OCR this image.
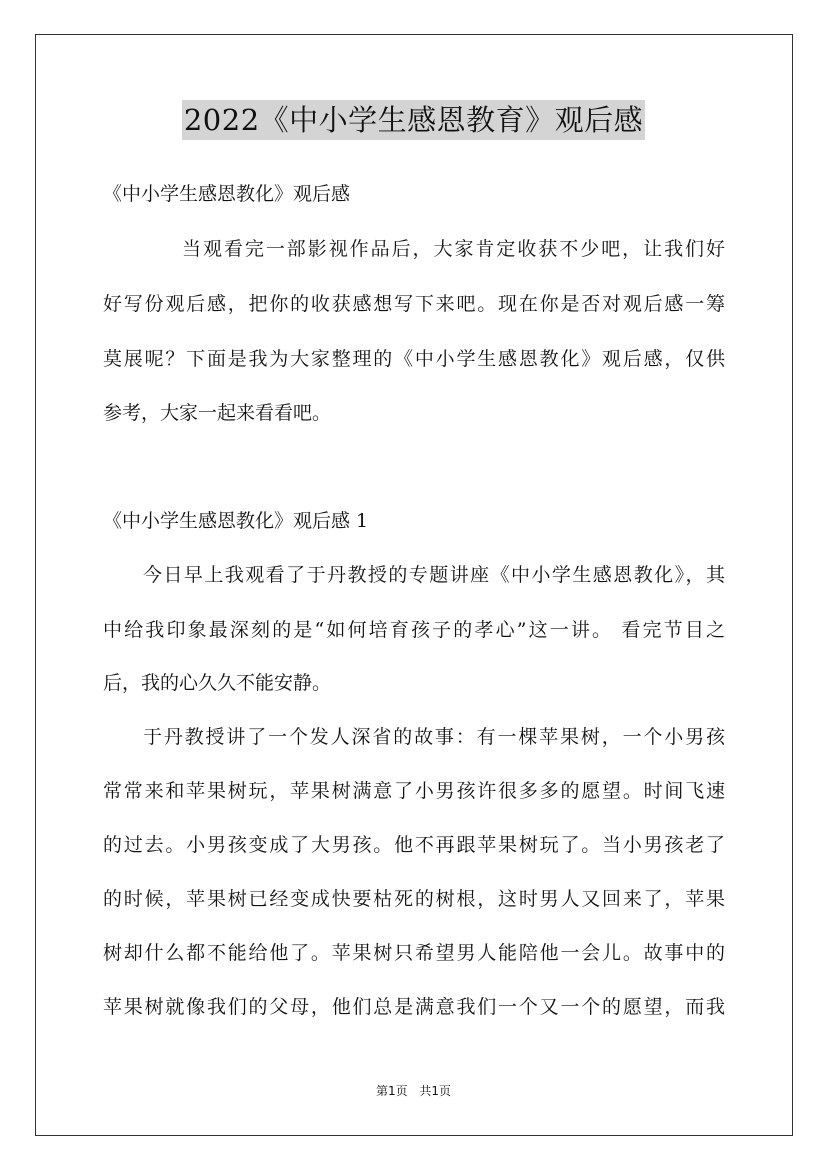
2022《中小学生感恩教育》观后感
《中小学生感恩教化》观后感
当观看完一部影视作品后，大家肯定收获不少吧，让我们好
好写份观后感，把你的收获感想写下来吧。现在你是否对观后感一筹
莫展呢？下面是我为大家整理的《中小学生感恩教化》观后感，仅供
参考，大家一起来看看吧。
《中小学生感恩教化》观后感 1
今日早上我观看了于丹教授的专题讲座《中小学生感恩教化》，其
中给我印象最深刻的是“如何培育孩子的孝心”这一讲。 看完节目之
后，我的心久久不能安静。
于丹教授讲了一个发人深省的故事：有一棵苹果树，一个小男孩
常常来和苹果树玩，苹果树满意了小男孩许很多多的愿望。时间飞速
的过去。小男孩变成了大男孩。他不再跟苹果树玩了。当小男孩老了
的时候，苹果树已经变成快要枯死的树根，这时男人又回来了，苹果
树却什么都不能给他了。苹果树只希望男人能陪他一会儿。故事中的
苹果树就像我们的父母，他们总是满意我们一个又一个的愿望，而我
第1页 共1页
